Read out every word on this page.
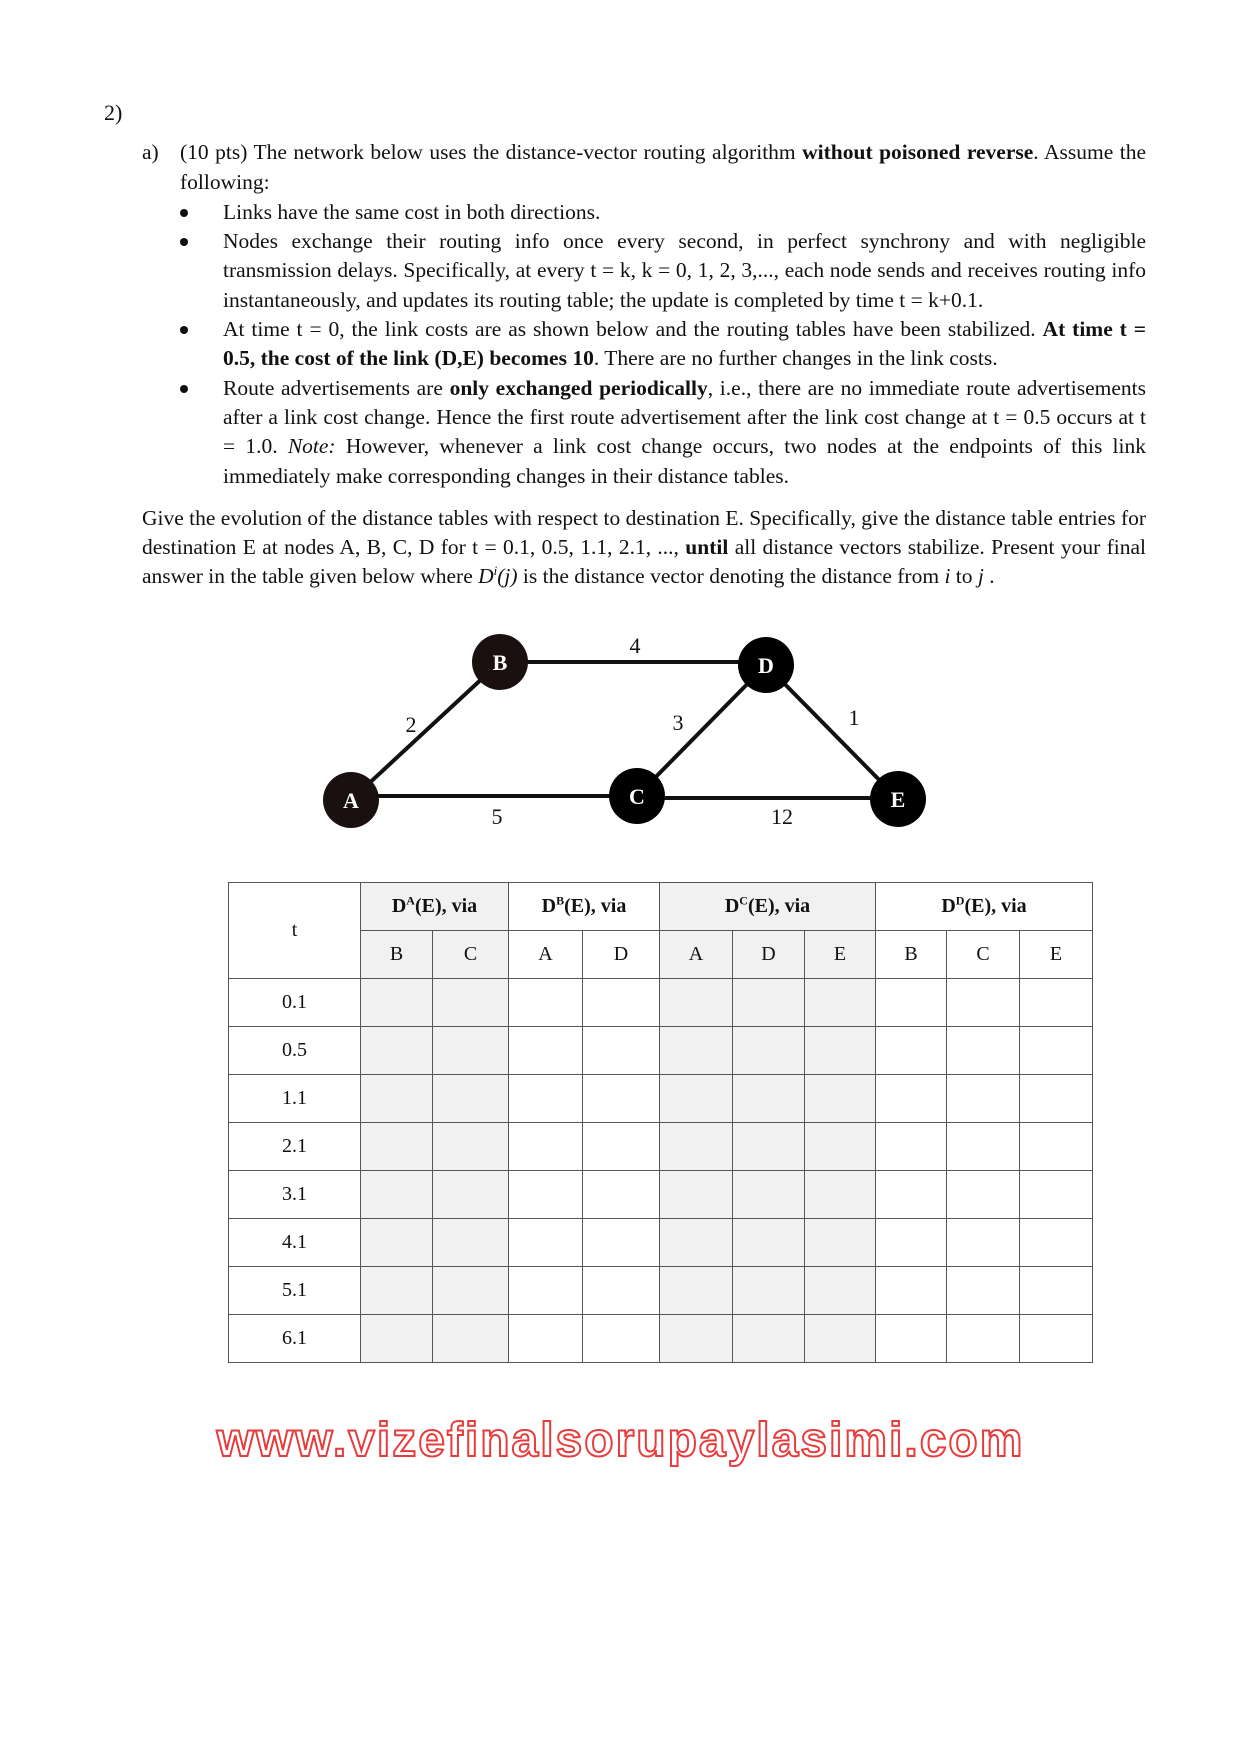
2)
a) (10 pts) The network below uses the distance-vector routing algorithm without poisoned reverse. Assume the following:
Links have the same cost in both directions.
Nodes exchange their routing info once every second, in perfect synchrony and with negligible transmission delays. Specifically, at every t = k, k = 0, 1, 2, 3,..., each node sends and receives routing info instantaneously, and updates its routing table; the update is completed by time t = k+0.1.
At time t = 0, the link costs are as shown below and the routing tables have been stabilized. At time t = 0.5, the cost of the link (D,E) becomes 10. There are no further changes in the link costs.
Route advertisements are only exchanged periodically, i.e., there are no immediate route advertisements after a link cost change. Hence the first route advertisement after the link cost change at t = 0.5 occurs at t = 1.0. Note: However, whenever a link cost change occurs, two nodes at the endpoints of this link immediately make corresponding changes in their distance tables.
Give the evolution of the distance tables with respect to destination E. Specifically, give the distance table entries for destination E at nodes A, B, C, D for t = 0.1, 0.5, 1.1, 2.1, ..., until all distance vectors stabilize. Present your final answer in the table given below where $D^i(j)$ is the distance vector denoting the distance from i to j .
2
4
5
3	1
12
A
B
C
D
E
t	$D^A(E)$, via		$D^B(E)$, via		$D^C(E)$, via			$D^D(E)$, via		
	B	C	A	D	A	D	E	B	C	E
0.1										
0.5										
1.1										
2.1										
3.1										
4.1										
5.1										
6.1										
www.vizefinalsorupaylasimi.com
